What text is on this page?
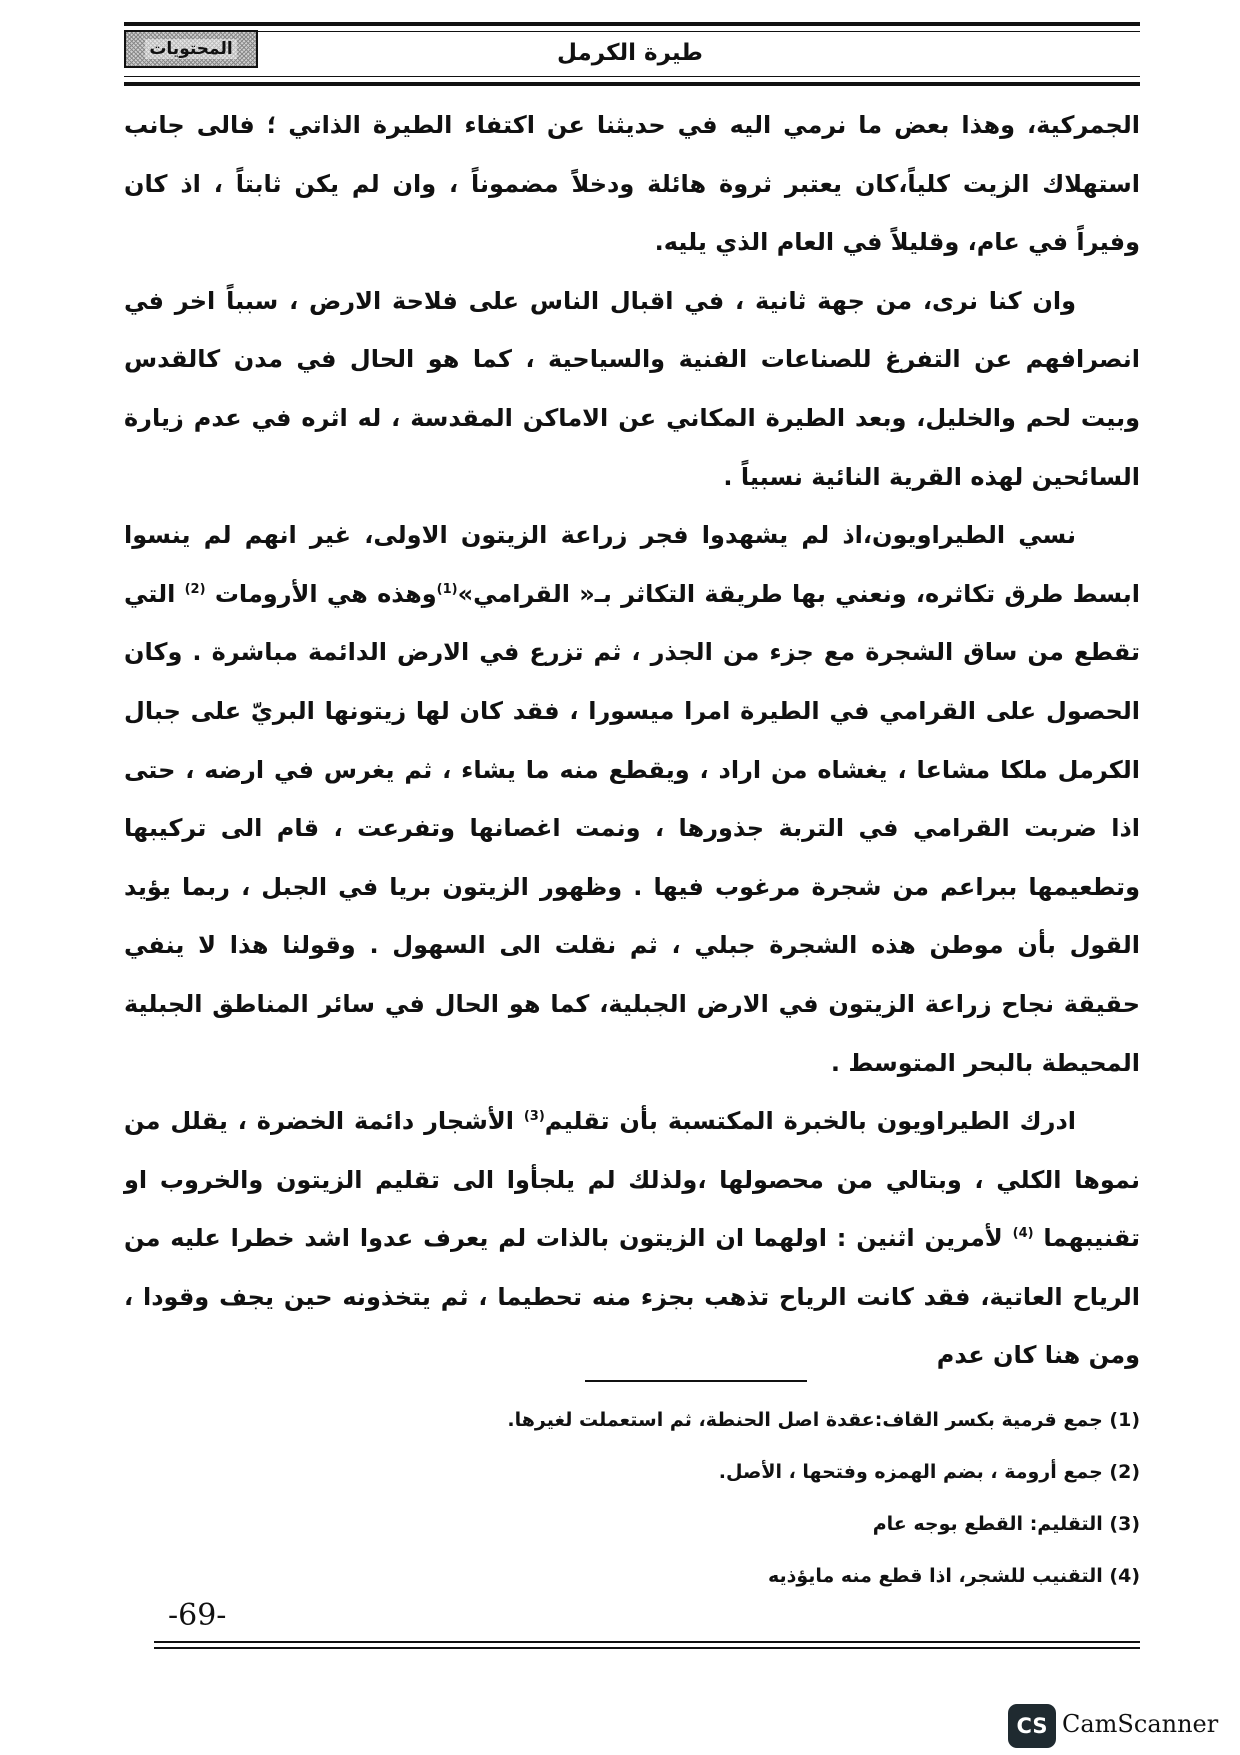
المحتويات	طيرة الكرمل

الجمركية، وهذا بعض ما نرمي اليه في حديثنا عن اكتفاء الطيرة الذاتي ؛ فالى جانب استهلاك الزيت كلياً،كان يعتبر ثروة هائلة ودخلاً مضموناً ، وان لم يكن ثابتاً ، اذ كان وفيراً في عام، وقليلاً في العام الذي يليه.

وان كنا نرى، من جهة ثانية ، في اقبال الناس على فلاحة الارض ، سبباً اخر في انصرافهم عن التفرغ للصناعات الفنية والسياحية ، كما هو الحال في مدن كالقدس وبيت لحم والخليل، وبعد الطيرة المكاني عن الاماكن المقدسة ، له اثره في عدم زيارة السائحين لهذه القرية النائية نسبياً .

نسي الطيراويون،اذ لم يشهدوا فجر زراعة الزيتون الاولى، غير انهم لم ينسوا ابسط طرق تكاثره، ونعني بها طريقة التكاثر بـ« القرامي»$^{(1)}$وهذه هي الأرومات $^{(2)}$ التي تقطع من ساق الشجرة مع جزء من الجذر ، ثم تزرع في الارض الدائمة مباشرة . وكان الحصول على القرامي في الطيرة امرا ميسورا ، فقد كان لها زيتونها البريّ على جبال الكرمل ملكا مشاعا ، يغشاه من اراد ، ويقطع منه ما يشاء ، ثم يغرس في ارضه ، حتى اذا ضربت القرامي في التربة جذورها ، ونمت اغصانها وتفرعت ، قام الى تركيبها وتطعيمها ببراعم من شجرة مرغوب فيها . وظهور الزيتون بريا في الجبل ، ربما يؤيد القول بأن موطن هذه الشجرة جبلي ، ثم نقلت الى السهول . وقولنا هذا لا ينفي حقيقة نجاح زراعة الزيتون في الارض الجبلية، كما هو الحال في سائر المناطق الجبلية المحيطة بالبحر المتوسط .

ادرك الطيراويون بالخبرة المكتسبة بأن تقليم$^{(3)}$ الأشجار دائمة الخضرة ، يقلل من نموها الكلي ، وبتالي من محصولها ،ولذلك لم يلجأوا الى تقليم الزيتون والخروب او تقنيبهما $^{(4)}$ لأمرين اثنين : اولهما ان الزيتون بالذات لم يعرف عدوا اشد خطرا عليه من الرياح العاتية، فقد كانت الرياح تذهب بجزء منه تحطيما ، ثم يتخذونه حين يجف وقودا ، ومن هنا كان عدم

(1) جمع قرمية بكسر القاف:عقدة اصل الحنطة، ثم استعملت لغيرها.
(2) جمع أرومة ، بضم الهمزه وفتحها ، الأصل.
(3) التقليم: القطع بوجه عام
(4) التقنيب للشجر، اذا قطع منه مايؤذيه
-69-
CS CamScanner
